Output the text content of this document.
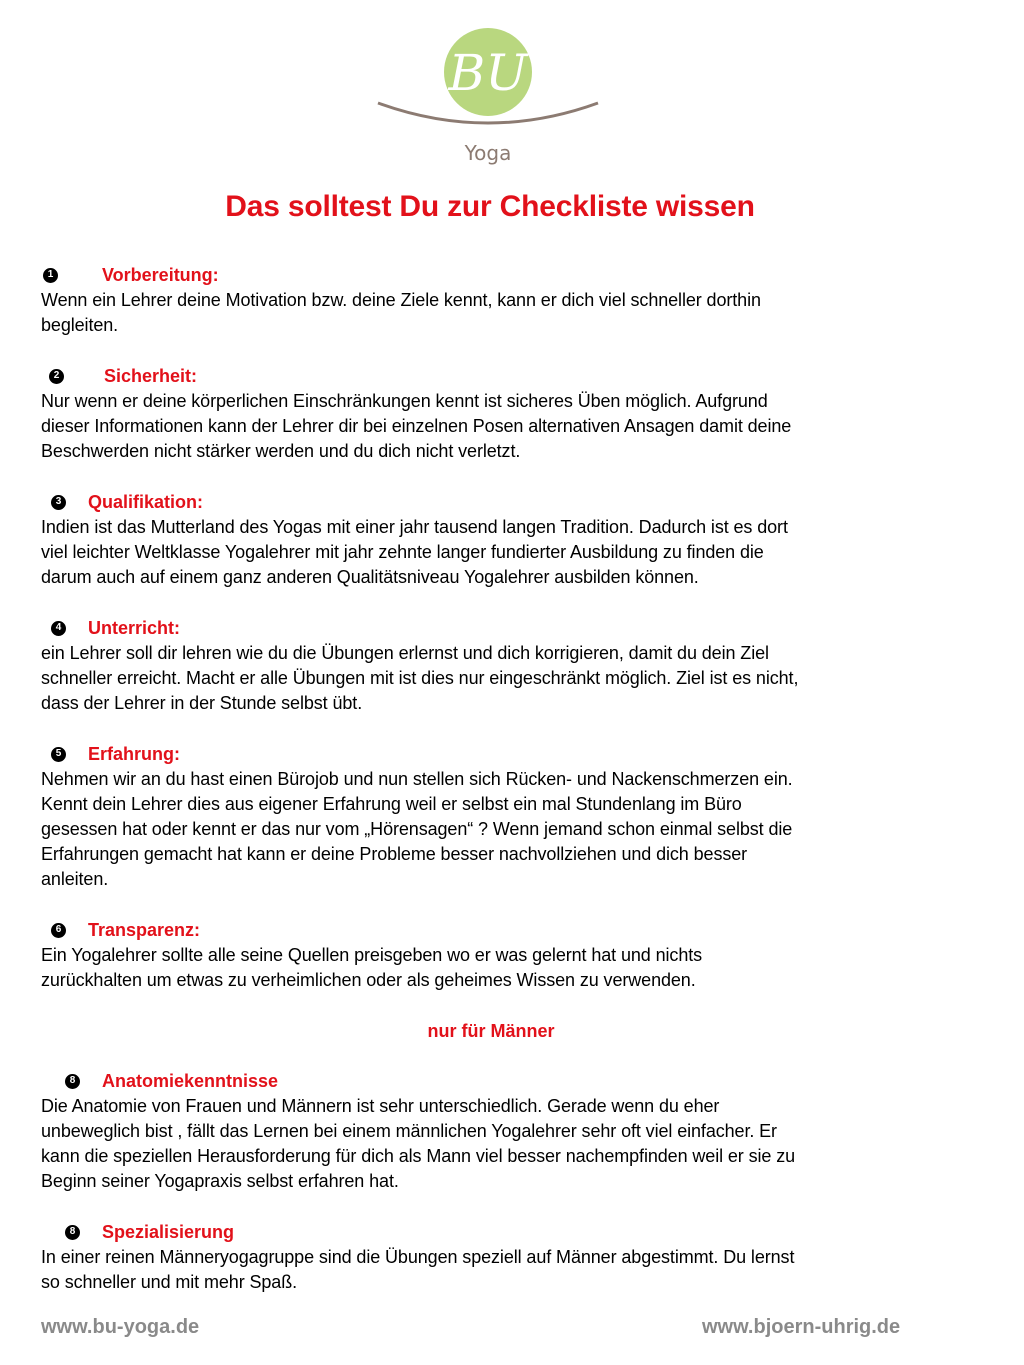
BU
Yoga
Das solltest Du zur Checkliste wissen
1	Vorbereitung:
Wenn ein Lehrer deine Motivation bzw. deine Ziele kennt, kann er dich viel schneller dorthin
begleiten.
2 Sicherheit:
Nur wenn er deine körperlichen Einschränkungen kennt ist sicheres Üben möglich. Aufgrund
dieser Informationen kann der Lehrer dir bei einzelnen Posen alternativen Ansagen damit deine
Beschwerden nicht stärker werden und du dich nicht verletzt.
3 Qualifikation:
Indien ist das Mutterland des Yogas mit einer jahr tausend langen Tradition. Dadurch ist es dort
viel leichter Weltklasse Yogalehrer mit jahr zehnte langer fundierter Ausbildung zu finden die
darum auch auf einem ganz anderen Qualitätsniveau Yogalehrer ausbilden können.
4 Unterricht:
ein Lehrer soll dir lehren wie du die Übungen erlernst und dich korrigieren, damit du dein Ziel
schneller erreicht. Macht er alle Übungen mit ist dies nur eingeschränkt möglich. Ziel ist es nicht,
dass der Lehrer in der Stunde selbst übt.
5 Erfahrung:
Nehmen wir an du hast einen Bürojob und nun stellen sich Rücken- und Nackenschmerzen ein.
Kennt dein Lehrer dies aus eigener Erfahrung weil er selbst ein mal Stundenlang im Büro
gesessen hat oder kennt er das nur vom „Hörensagen“ ? Wenn jemand schon einmal selbst die
Erfahrungen gemacht hat kann er deine Probleme besser nachvollziehen und dich besser
anleiten.
6 Transparenz:
Ein Yogalehrer sollte alle seine Quellen preisgeben wo er was gelernt hat und nichts
zurückhalten um etwas zu verheimlichen oder als geheimes Wissen zu verwenden.
nur für Männer
8 Anatomiekenntnisse
Die Anatomie von Frauen und Männern ist sehr unterschiedlich. Gerade wenn du eher
unbeweglich bist , fällt das Lernen bei einem männlichen Yogalehrer sehr oft viel einfacher. Er
kann die speziellen Herausforderung für dich als Mann viel besser nachempfinden weil er sie zu
Beginn seiner Yogapraxis selbst erfahren hat.
8 Spezialisierung
In einer reinen Männeryogagruppe sind die Übungen speziell auf Männer abgestimmt. Du lernst
so schneller und mit mehr Spaß.
www.bu-yoga.de	www.bjoern-uhrig.de
